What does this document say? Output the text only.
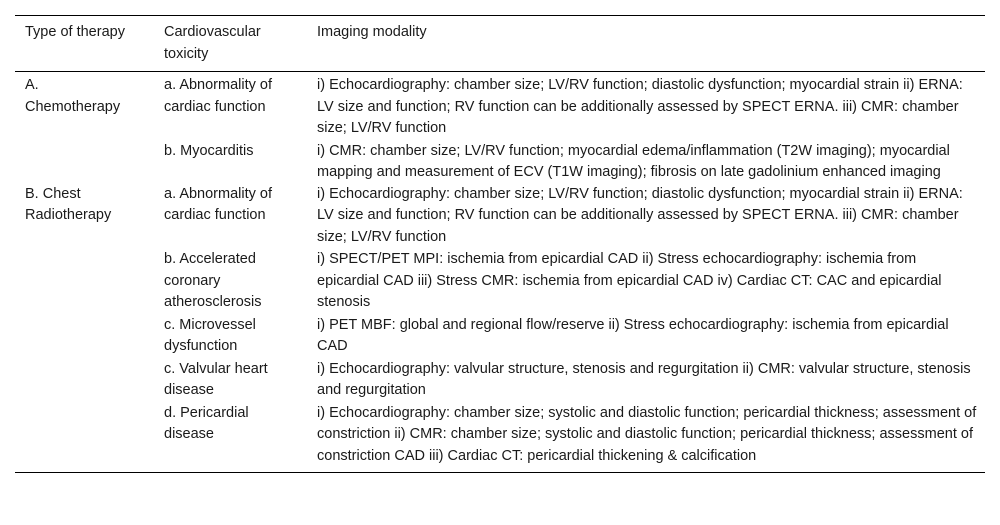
Type of therapy	Cardiovascular toxicity
Imaging modality
A. Chemotherapy
a. Abnormality of cardiac function
i) Echocardiography: chamber size; LV/RV function; diastolic dysfunction; myocardial strain ii) ERNA: LV size and function; RV function can be additionally assessed by SPECT ERNA. iii) CMR: chamber size; LV/RV function
b. Myocarditis	i) CMR: chamber size; LV/RV function; myocardial edema/inflammation (T2W imaging); myocardial mapping and measurement of ECV (T1W imaging); fibrosis on late gadolinium enhanced imaging
B. Chest Radiotherapy
a. Abnormality of cardiac function
i) Echocardiography: chamber size; LV/RV function; diastolic dysfunction; myocardial strain ii) ERNA: LV size and function; RV function can be additionally assessed by SPECT ERNA. iii) CMR: chamber size; LV/RV function
b. Accelerated coronary atherosclerosis
i) SPECT/PET MPI: ischemia from epicardial CAD ii) Stress echocardiography: ischemia from epicardial CAD iii) Stress CMR: ischemia from epicardial CAD iv) Cardiac CT: CAC and epicardial stenosis
c. Microvessel dysfunction
i) PET MBF: global and regional flow/reserve ii) Stress echocardiography: ischemia from epicardial CAD
c. Valvular heart disease
i) Echocardiography: valvular structure, stenosis and regurgitation ii) CMR: valvular structure, stenosis and regurgitation
d. Pericardial disease
i) Echocardiography: chamber size; systolic and diastolic function; pericardial thickness; assessment of constriction ii) CMR: chamber size; systolic and diastolic function; pericardial thickness; assessment of constriction CAD iii) Cardiac CT: pericardial thickening & calcification
